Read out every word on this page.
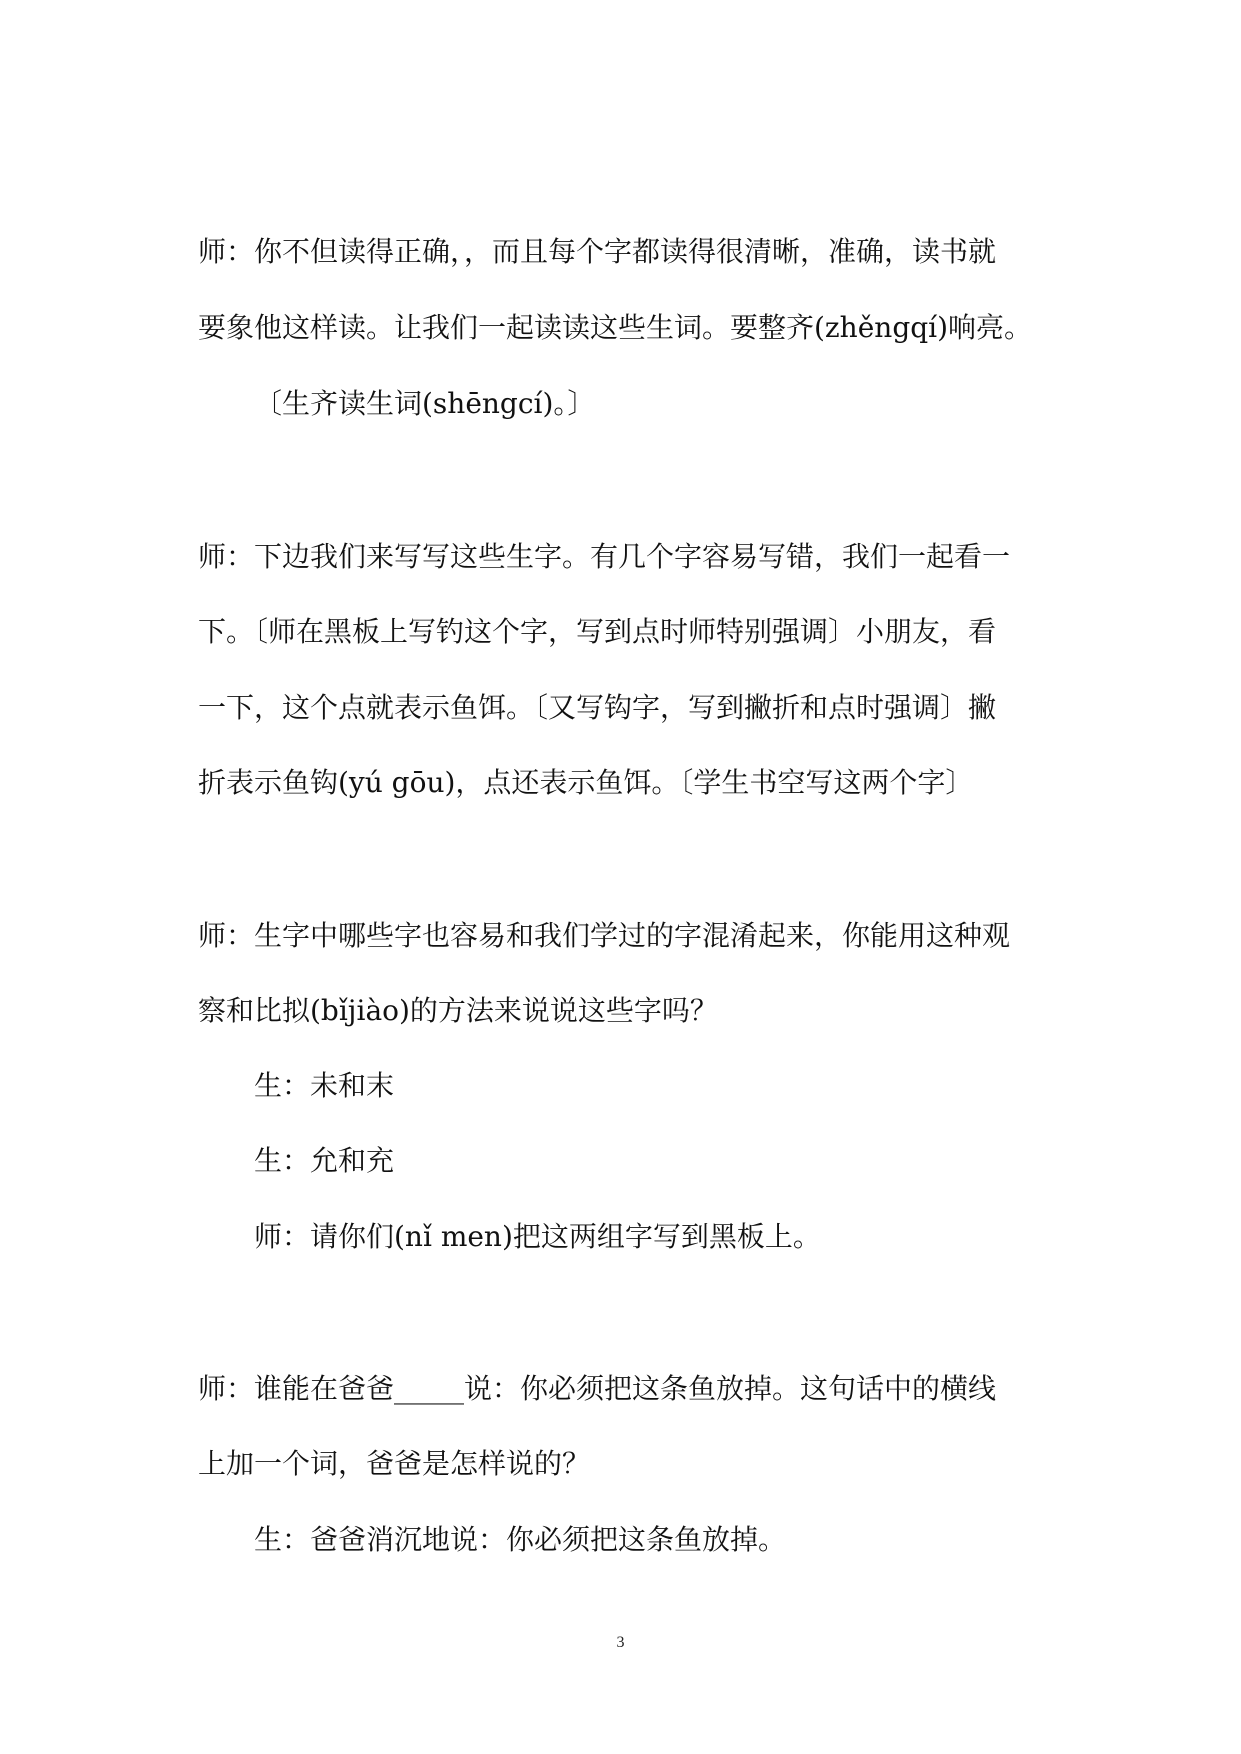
师：你不但读得正确，，而且每个字都读得很清晰，准确，读书就
要象他这样读。让我们一起读读这些生词。要整齐(zhěngqí)响亮。
〔生齐读生词(shēngcí)。〕
师：下边我们来写写这些生字。有几个字容易写错，我们一起看一
下。〔师在黑板上写钓这个字，写到点时师特别强调〕小朋友，看
一下，这个点就表示鱼饵。〔又写钩字，写到撇折和点时强调〕撇
折表示鱼钩(yú gōu)，点还表示鱼饵。〔学生书空写这两个字〕
师：生字中哪些字也容易和我们学过的字混淆起来，你能用这种观
察和比拟(bǐjiào)的方法来说说这些字吗？
生：未和末
生：允和充
师：请你们(nǐ men)把这两组字写到黑板上。
师：谁能在爸爸_____说：你必须把这条鱼放掉。这句话中的横线
上加一个词，爸爸是怎样说的？
生：爸爸消沉地说：你必须把这条鱼放掉。
3
